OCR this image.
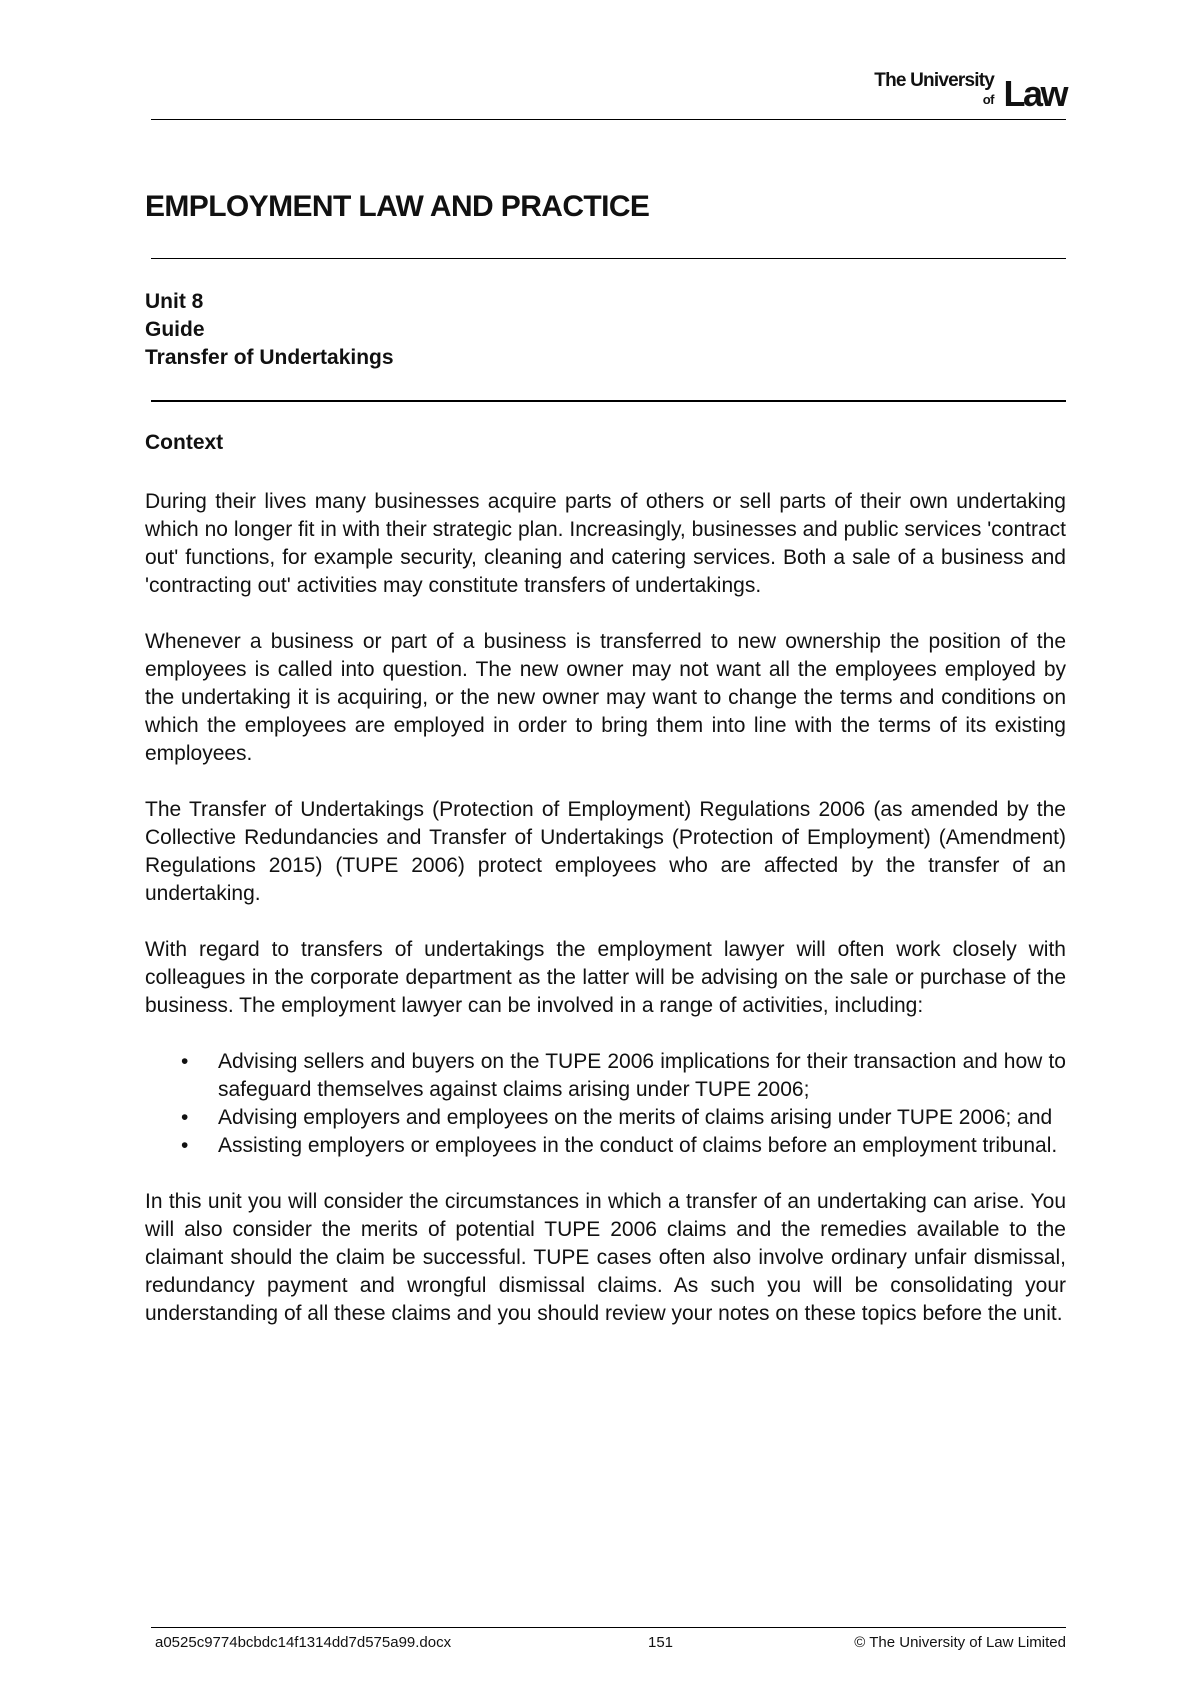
The University
of Law
EMPLOYMENT LAW AND PRACTICE
Unit 8
Guide
Transfer of Undertakings
Context

During their lives many businesses acquire parts of others or sell parts of their own undertaking which no longer fit in with their strategic plan. Increasingly, businesses and public services 'contract out' functions, for example security, cleaning and catering services. Both a sale of a business and 'contracting out' activities may constitute transfers of undertakings.

Whenever a business or part of a business is transferred to new ownership the position of the employees is called into question. The new owner may not want all the employees employed by the undertaking it is acquiring, or the new owner may want to change the terms and conditions on which the employees are employed in order to bring them into line with the terms of its existing employees.

The Transfer of Undertakings (Protection of Employment) Regulations 2006 (as amended by the Collective Redundancies and Transfer of Undertakings (Protection of Employment) (Amendment) Regulations 2015) (TUPE 2006) protect employees who are affected by the transfer of an undertaking.

With regard to transfers of undertakings the employment lawyer will often work closely with colleagues in the corporate department as the latter will be advising on the sale or purchase of the business. The employment lawyer can be involved in a range of activities, including:

• Advising sellers and buyers on the TUPE 2006 implications for their transaction and how to safeguard themselves against claims arising under TUPE 2006;
• Advising employers and employees on the merits of claims arising under TUPE 2006; and
• Assisting employers or employees in the conduct of claims before an employment tribunal.

In this unit you will consider the circumstances in which a transfer of an undertaking can arise. You will also consider the merits of potential TUPE 2006 claims and the remedies available to the claimant should the claim be successful. TUPE cases often also involve ordinary unfair dismissal, redundancy payment and wrongful dismissal claims. As such you will be consolidating your understanding of all these claims and you should review your notes on these topics before the unit.

a0525c9774bcbdc14f1314dd7d575a99.docx	151	© The University of Law Limited
